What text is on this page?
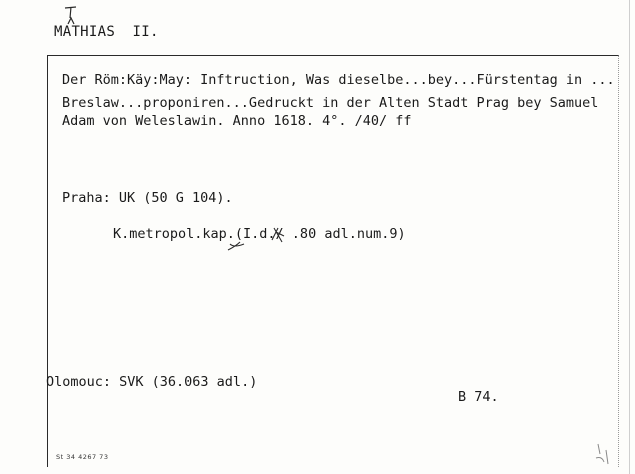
MATHIAS  II.
Der Röm:Käy:May: Inftruction, Was dieselbe...bey...Fürstentag in ...
Breslaw...proponiren...Gedruckt in der Alten Stadt Prag bey Samuel
Adam von Weleslawin. Anno 1618. 4°. /40/ ff
Praha: UK (50 G 104).
K.metropol.kap.(I.d./ .80 adl.num.9)
Olomouc: SVK (36.063 adl.)
B 74.
St 34 4267 73
